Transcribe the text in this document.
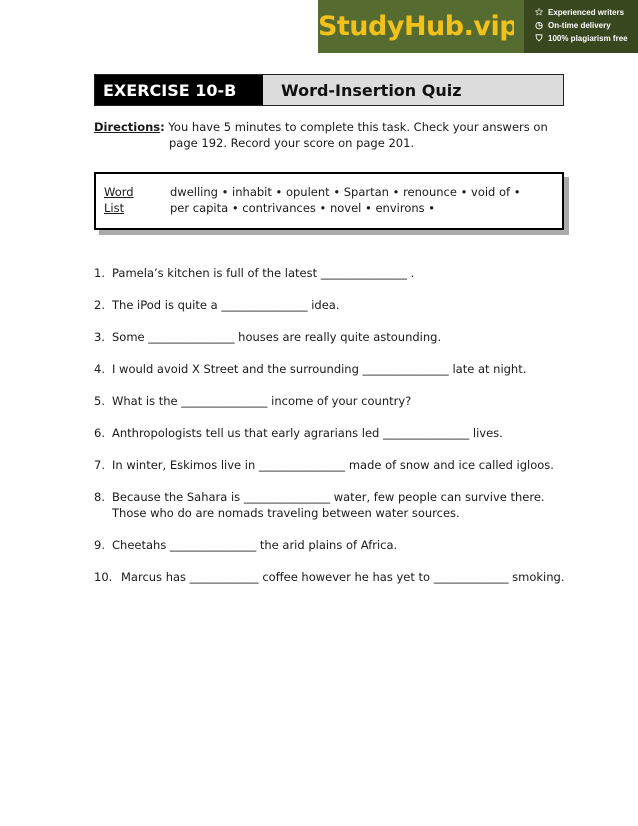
StudyHub.vip ✩ Experienced writers
◷ On-time delivery
⛉ 100% plagiarism free
EXERCISE 10-B	Word-Insertion Quiz
Directions: You have 5 minutes to complete this task. Check your answers on
page 192. Record your score on page 201.
Word	dwelling • inhabit • opulent • Spartan • renounce • void of •
List	per capita • contrivances • novel • environs •
1. Pamela’s kitchen is full of the latest _______________ .
2. The iPod is quite a _______________ idea.
3. Some _______________ houses are really quite astounding.
4. I would avoid X Street and the surrounding _______________ late at night.
5. What is the _______________ income of your country?
6. Anthropologists tell us that early agrarians led _______________ lives.
7. In winter, Eskimos live in _______________ made of snow and ice called igloos.
8. Because the Sahara is _______________ water, few people can survive there. Those who do are nomads traveling between water sources.
9. Cheetahs _______________ the arid plains of Africa.
10. Marcus has ____________ coffee however he has yet to _____________ smoking.
